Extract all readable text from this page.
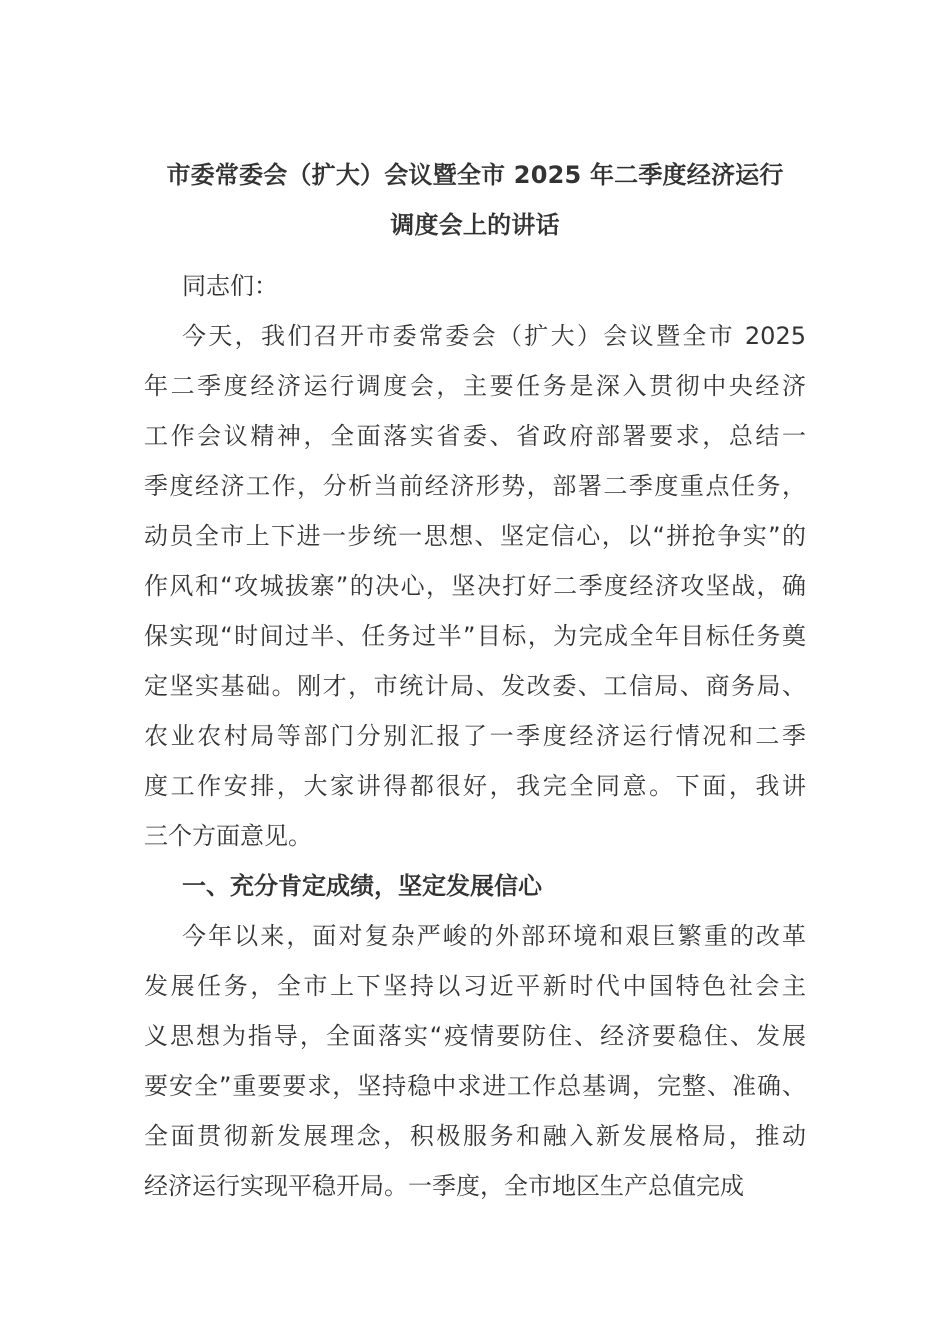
市委常委会（扩大）会议暨全市 2025 年二季度经济运行
调度会上的讲话
同志们：
今天，我们召开市委常委会（扩大）会议暨全市 2025
年二季度经济运行调度会，主要任务是深入贯彻中央经济
工作会议精神，全面落实省委、省政府部署要求，总结一
季度经济工作，分析当前经济形势，部署二季度重点任务，
动员全市上下进一步统一思想、坚定信心，以“拼抢争实”的
作风和“攻城拔寨”的决心，坚决打好二季度经济攻坚战，确
保实现“时间过半、任务过半”目标，为完成全年目标任务奠
定坚实基础。刚才，市统计局、发改委、工信局、商务局、
农业农村局等部门分别汇报了一季度经济运行情况和二季
度工作安排，大家讲得都很好，我完全同意。下面，我讲
三个方面意见。
一、充分肯定成绩，坚定发展信心
今年以来，面对复杂严峻的外部环境和艰巨繁重的改革
发展任务，全市上下坚持以习近平新时代中国特色社会主
义思想为指导，全面落实“疫情要防住、经济要稳住、发展
要安全”重要要求，坚持稳中求进工作总基调，完整、准确、
全面贯彻新发展理念，积极服务和融入新发展格局，推动
经济运行实现平稳开局。一季度，全市地区生产总值完成
